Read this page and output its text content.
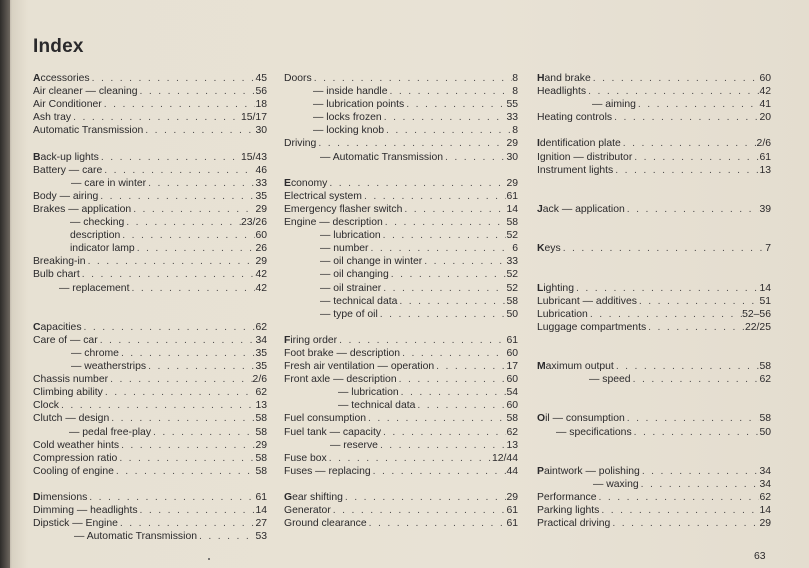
Index
Accessories . . .	45
Air cleaner — cleaning . . .	56
Air Conditioner . . .	18
Ash tray . . .	15/17
Automatic Transmission . . .	30
Back-up lights . . .	15/43
Battery — care . . .	46
— care in winter . . .	33
Body — airing . . .	35
Brakes — application . . .	29
— checking . . .	23/26
description . . .	60
indicator lamp . . .	26
Breaking-in . . .	29
Bulb chart . . .	42
— replacement . . .	42
Capacities . . .	62
Care of — car . . .	34
— chrome . . .	35
— weatherstrips . . .	35
Chassis number . . .	2/6
Climbing ability . . .	62
Clock . . .	13
Clutch — design . . .	58
— pedal free-play . . .	58
Cold weather hints . . .	29
Compression ratio . . .	58
Cooling of engine . . .	58
Dimensions . . .	61
Dimming — headlights . . .	14
Dipstick — Engine . . .	27
— Automatic Transmission . . .	53
Doors . . .	8
— inside handle . . .	8
— lubrication points . . .	55
— locks frozen . . .	33
— locking knob . . .	8
Driving . . .	29
— Automatic Transmission . . .	30
Economy . . .	29
Electrical system . . .	61
Emergency flasher switch . . .	14
Engine — description . . .	58
— lubrication . . .	52
— number . . .	6
— oil change in winter . . .	33
— oil changing . . .	52
— oil strainer . . .	52
— technical data . . .	58
— type of oil . . .	50
Firing order . . .	61
Foot brake — description . . .	60
Fresh air ventilation — operation . . .	17
Front axle — description . . .	60
— lubrication . . .	54
— technical data . . .	60
Fuel consumption . . .	58
Fuel tank — capacity . . .	62
— reserve . . .	13
Fuse box . . .	12/44
Fuses — replacing . . .	44
Gear shifting . . .	29
Generator . . .	61
Ground clearance . . .	61
Hand brake . . .	60
Headlights . . .	42
— aiming . . .	41
Heating controls . . .	20
Identification plate . . .	2/6
Ignition — distributor . . .	61
Instrument lights . . .	13
Jack — application . . .	39
Keys . . .	7
Lighting . . .	14
Lubricant — additives . . .	51
Lubrication . . .	52–56
Luggage compartments . . .	22/25
Maximum output . . .	58
— speed . . .	62
Oil — consumption . . .	58
— specifications . . .	50
Paintwork — polishing . . .	34
— waxing . . .	34
Performance . . .	62
Parking lights . . .	14
Practical driving . . .	29
63
